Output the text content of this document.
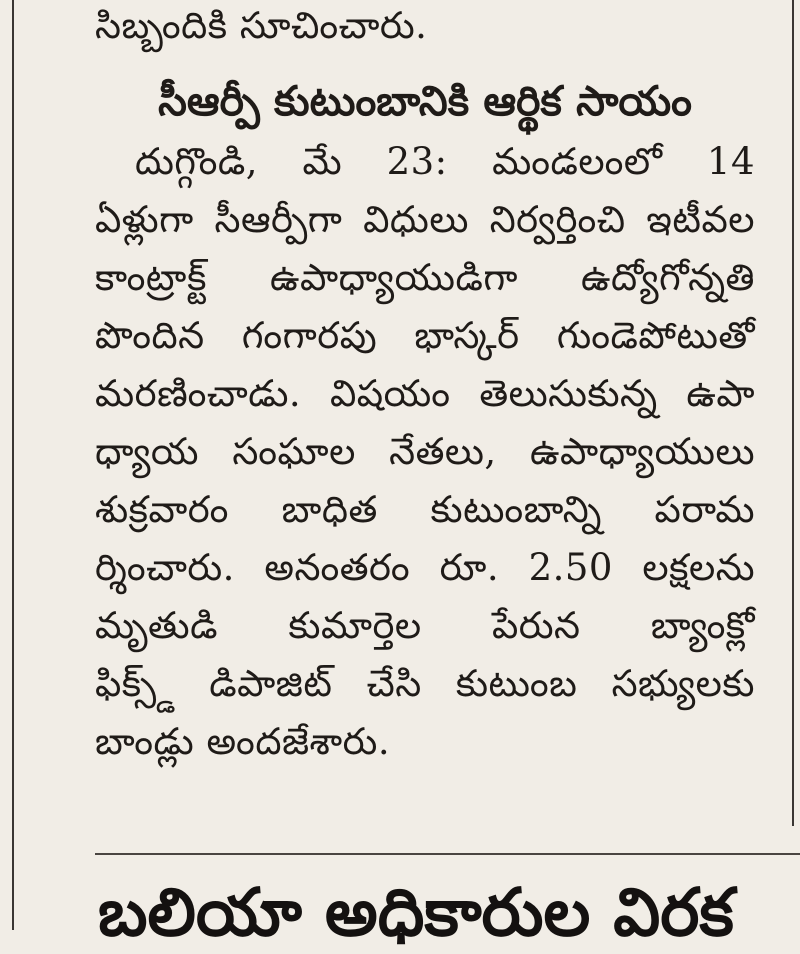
సిబ్బందికి సూచించారు.
సీఆర్పీ కుటుంబానికి ఆర్థిక సాయం
దుగ్గొండి, మే 23: మండలంలో 14
ఏళ్లుగా సీఆర్పీగా విధులు నిర్వర్తించి ఇటీవల
కాంట్రాక్ట్ ఉపాధ్యాయుడిగా ఉద్యోగోన్నతి
పొందిన గంగారపు భాస్కర్ గుండెపోటుతో
మరణించాడు. విషయం తెలుసుకున్న ఉపా
ధ్యాయ సంఘాల నేతలు, ఉపాధ్యాయులు
శుక్రవారం బాధిత కుటుంబాన్ని పరామ
ర్శించారు. అనంతరం రూ. 2.50 లక్షలను
మృతుడి కుమార్తెల పేరున బ్యాంక్లో
ఫిక్స్డ్ డిపాజిట్ చేసి కుటుంబ సభ్యులకు
బాండ్లు అందజేశారు.
బలియా అధికారుల విరక
